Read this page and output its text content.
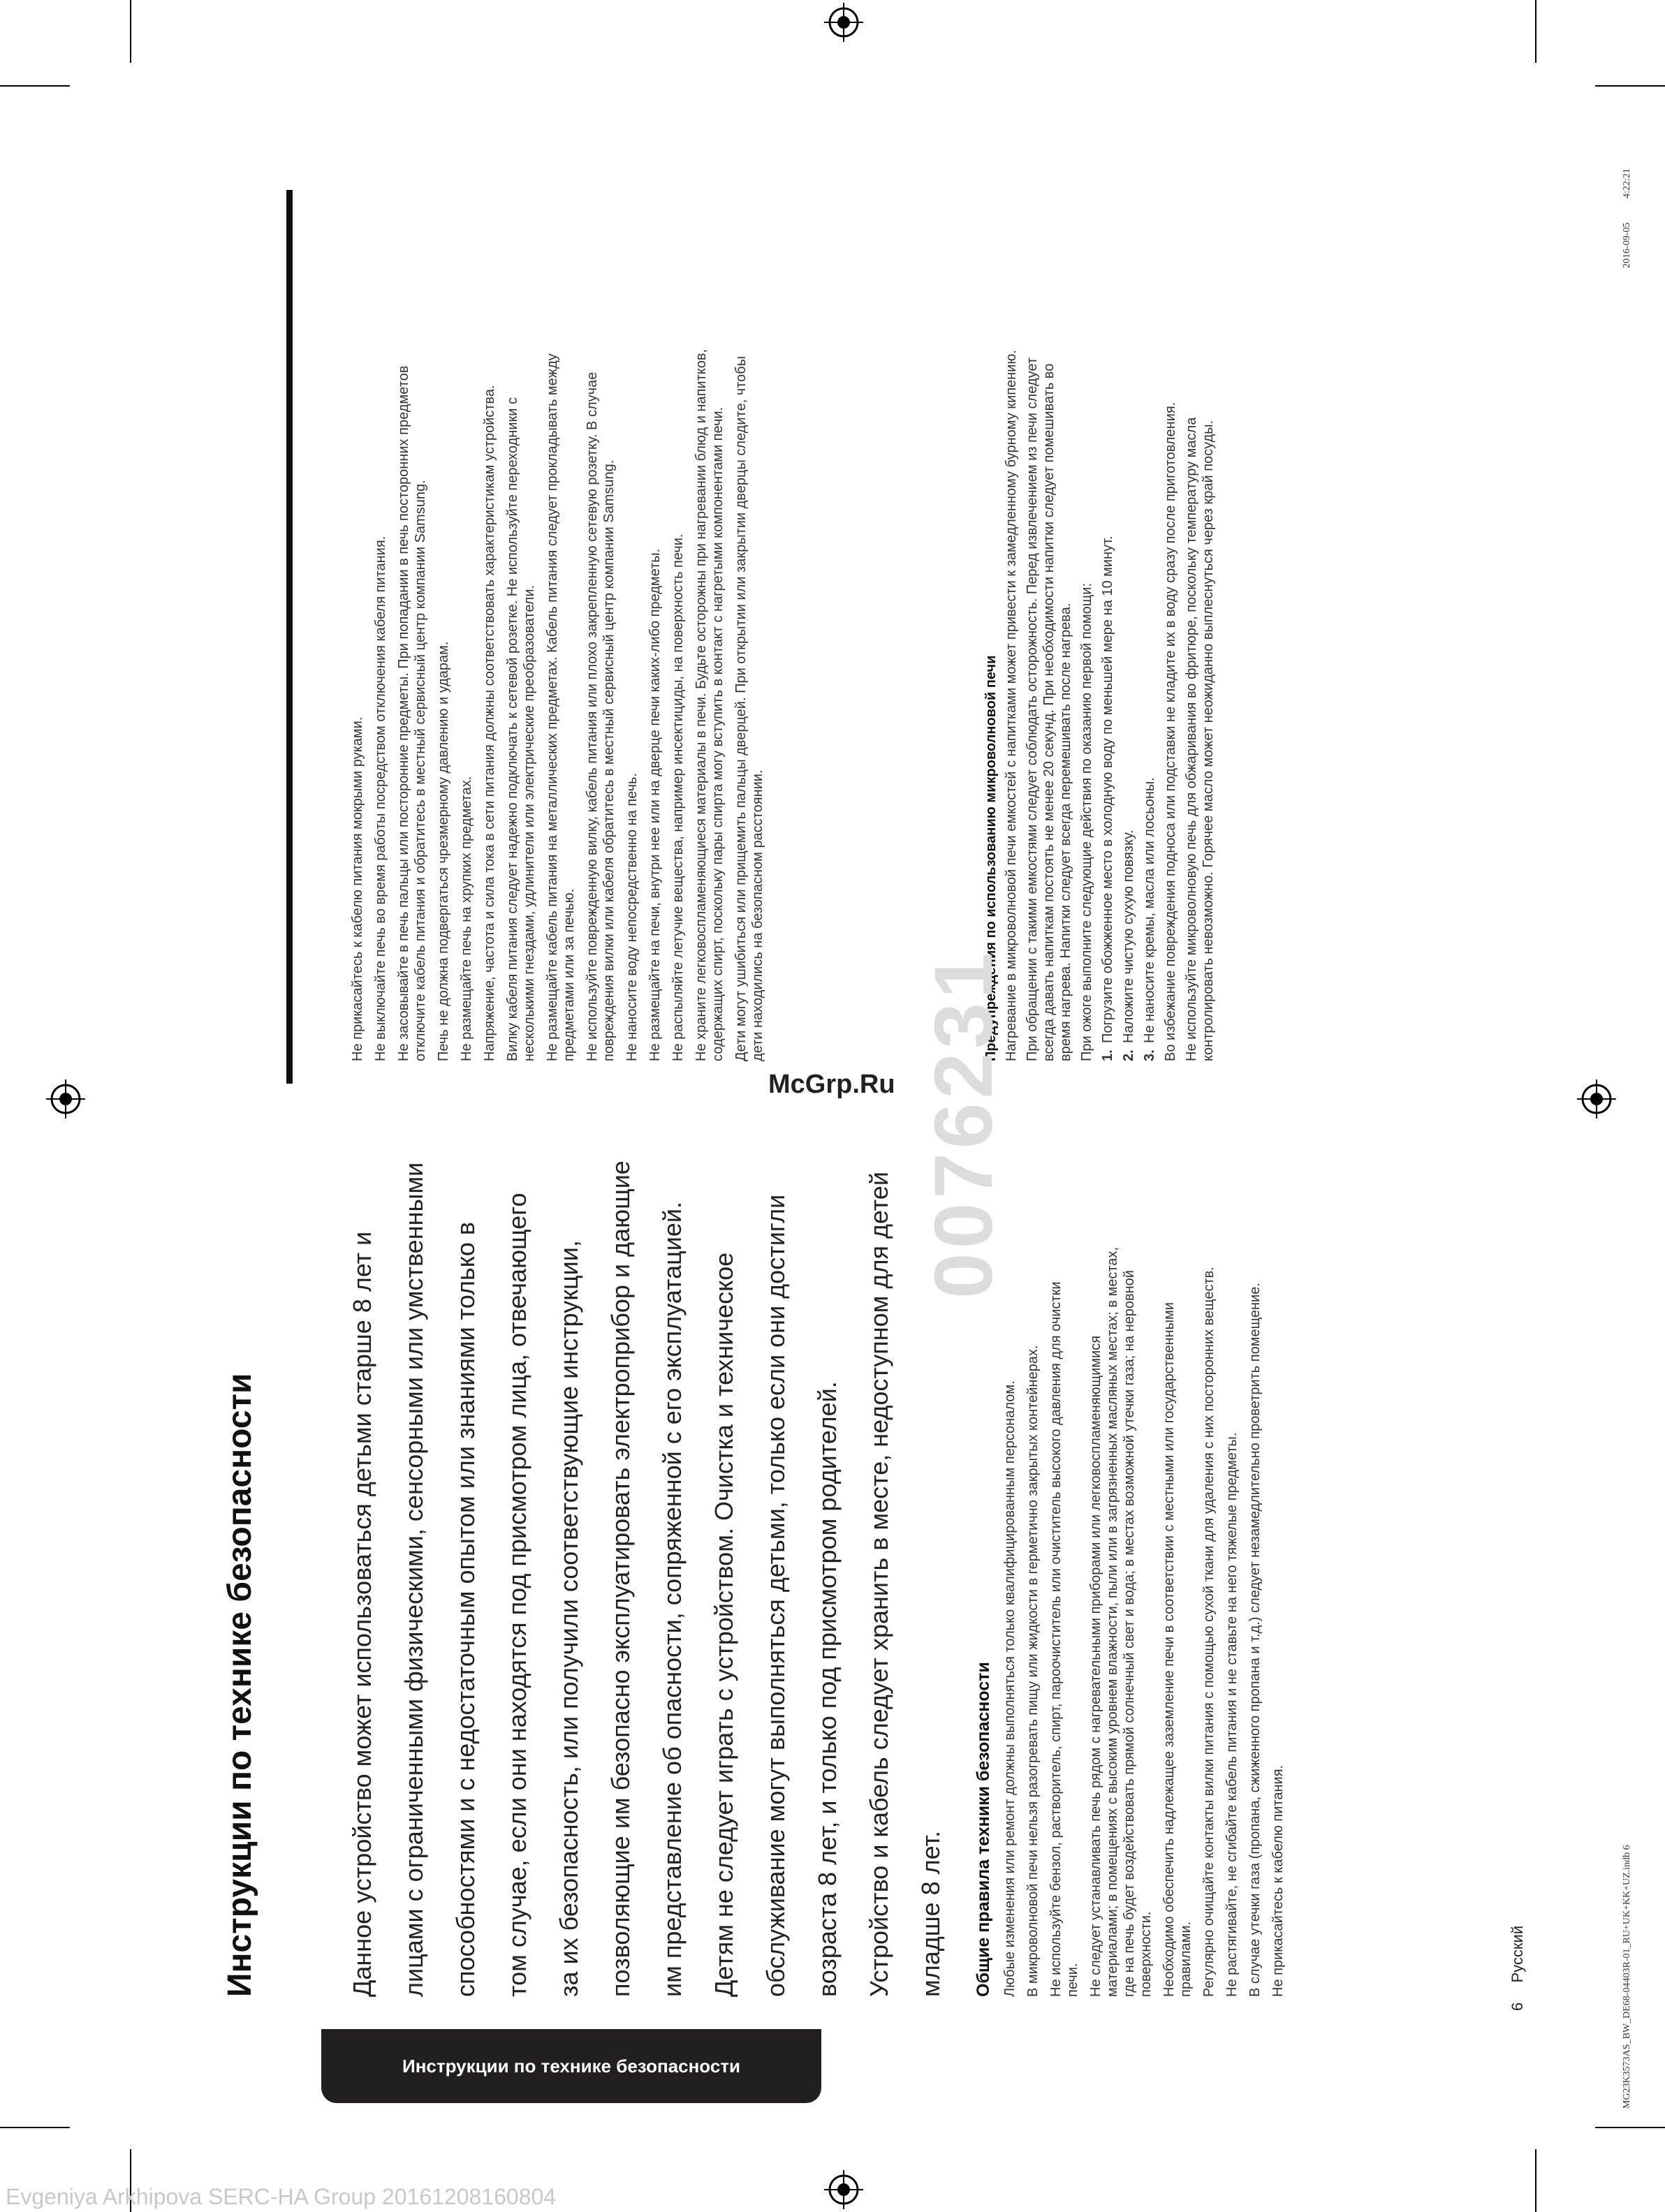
Инструкции по технике безопасности
Инструкции по технике безопасности	Данное устройство может использоваться детьми старше 8 лет и лицами с ограниченными физическими, сенсорными или умственными способностями и с недостаточным опытом или знаниями только в том случае, если они находятся под присмотром лица, отвечающего за их безопасность, или получили соответствующие инструкции, позволяющие им безопасно эксплуатировать электроприбор и дающие им представление об опасности, сопряженной с его эксплуатацией. Детям не следует играть с устройством. Очистка и техническое обслуживание могут выполняться детьми, только если они достигли возраста 8 лет, и только под присмотром родителей. Устройство и кабель следует хранить в месте, недоступном для детей младше 8 лет.	Общие правила техники безопасности Любые изменения или ремонт должны выполняться только квалифицированным персоналом. В микроволновой печи нельзя разогревать пищу или жидкости в герметично закрытых контейнерах. Не используйте бензол, растворитель, спирт, пароочиститель или очиститель высокого давления для очистки печи. Не следует устанавливать печь рядом с нагревательными приборами или легковоспламеняющимися материалами; в помещениях с высоким уровнем влажности, пыли или в загрязненных масляных местах; в местах, где на печь будет воздействовать прямой солнечный свет и вода; в местах возможной утечки газа; на неровной поверхности. Необходимо обеспечить надлежащее заземление печи в соответствии с местными или государственными правилами. Регулярно очищайте контакты вилки питания с помощью сухой ткани для удаления с них посторонних веществ. Не растягивайте, не сгибайте кабель питания и не ставьте на него тяжелые предметы. В случае утечки газа (пропана, сжиженного пропана и т.д.) следует незамедлительно проветрить помещение. Не прикасайтесь к кабелю питания.
Не прикасайтесь к кабелю питания мокрыми руками. Не выключайте печь во время работы посредством отключения кабеля питания. Не засовывайте в печь пальцы или посторонние предметы. При попадании в печь посторонних предметов отключите кабель питания и обратитесь в местный сервисный центр компании Samsung. Печь не должна подвергаться чрезмерному давлению и ударам. Не размещайте печь на хрупких предметах. Напряжение, частота и сила тока в сети питания должны соответствовать характеристикам устройства. Вилку кабеля питания следует надежно подключать к сетевой розетке. Не используйте переходники с несколькими гнездами, удлинители или электрические преобразователи. Не размещайте кабель питания на металлических предметах. Кабель питания следует прокладывать между предметами или за печью. Не используйте поврежденную вилку, кабель питания или плохо закрепленную сетевую розетку. В случае повреждения вилки или кабеля обратитесь в местный сервисный центр компании Samsung. Не наносите воду непосредственно на печь. Не размещайте на печи, внутри нее или на дверце печи каких-либо предметы. Не распыляйте летучие вещества, например инсектициды, на поверхность печи. Не храните легковоспламеняющиеся материалы в печи. Будьте осторожны при нагревании блюд и напитков, содержащих спирт, поскольку пары спирта могу вступить в контакт с нагретыми компонентами печи. Дети могут ушибиться или прищемить пальцы дверцей. При открытии или закрытии дверцы следите, чтобы дети находились на безопасном расстоянии.	Предупреждения по использованию микроволновой печи Нагревание в микроволновой печи емкостей с напитками может привести к замедленному бурному кипению. При обращении с такими емкостями следует соблюдать осторожность. Перед извлечением из печи следует всегда давать напиткам постоять не менее 20 секунд. При необходимости напитки следует помешивать во время нагрева. Напитки следует всегда перемешивать после нагрева. При ожоге выполните следующие действия по оказанию первой помощи: 1.
Погрузите обожженное место в холодную воду по меньшей мере на 10 минут.
2.
Наложите чистую сухую повязку.
3.
Не наносите кремы, масла или лосьоны. Во избежание повреждения подноса или подставки не кладите их в воду сразу после приготовления. Не используйте микроволновую печь для обжаривания во фритюре, поскольку температуру масла контролировать невозможно. Горячее масло может неожиданно выплеснуться через край посуды.
0076231
McGrp.Ru
6  Русский	MG23K3573AS_BW_DE68-04403R-01_RU+UK+KK+UZ.indb 6
2016-09-05
4:22:21
Evgeniya Arkhipova SERC-HA Group 20161208160804
